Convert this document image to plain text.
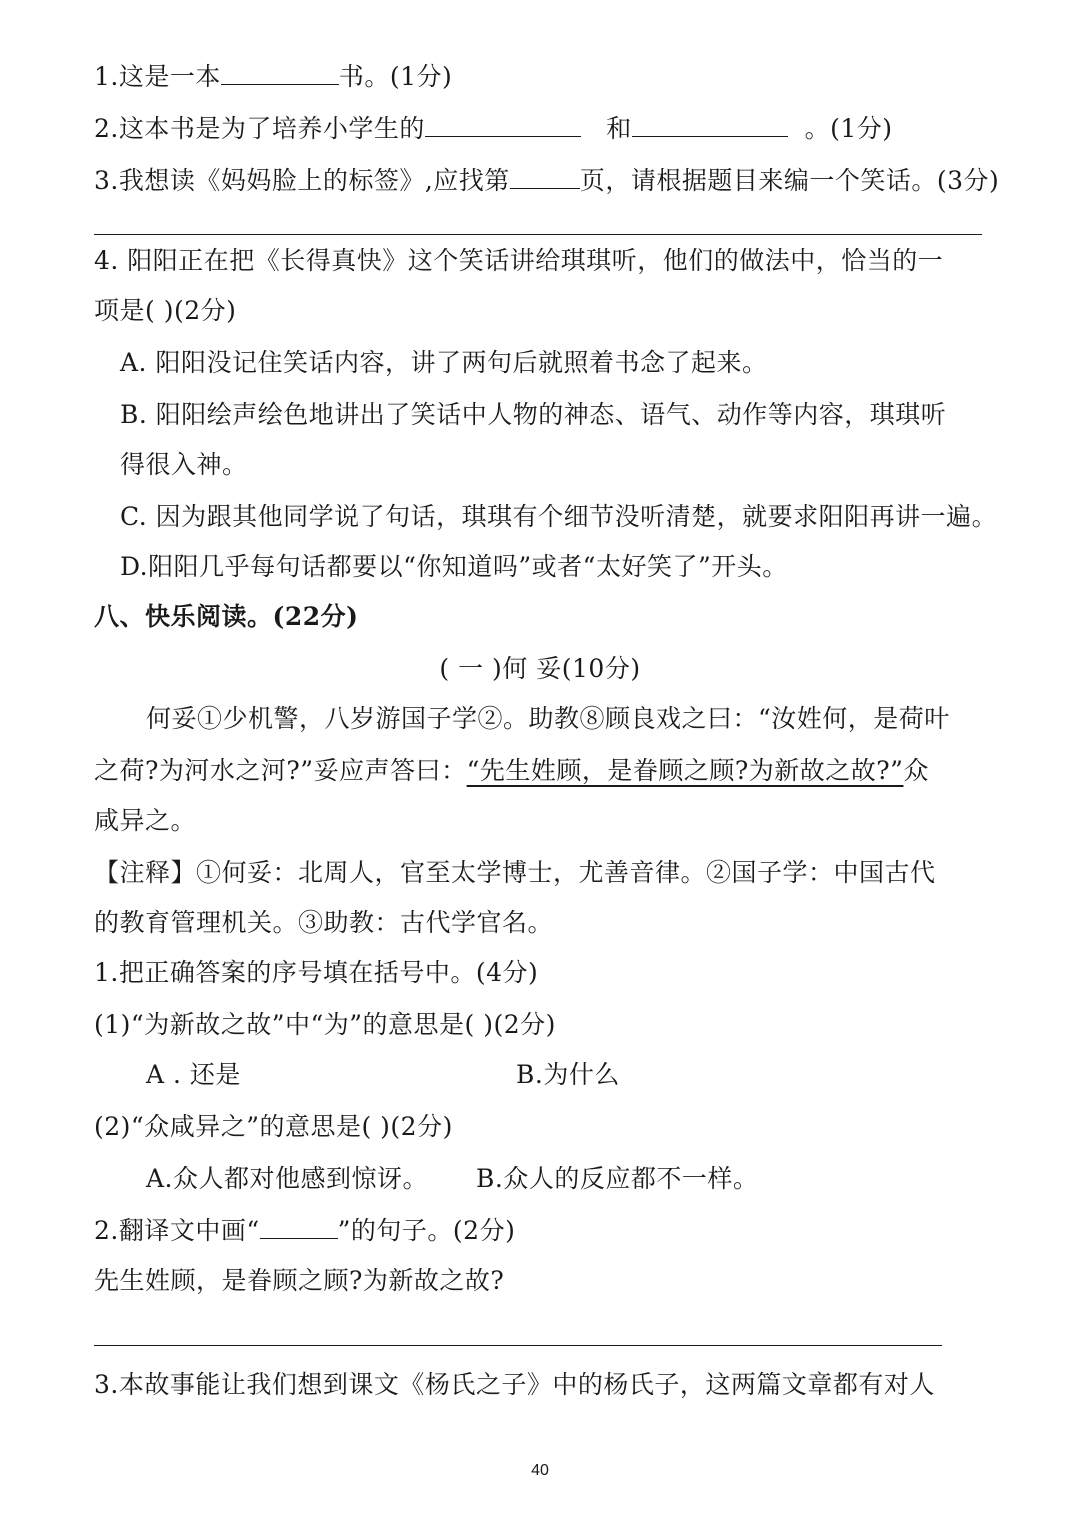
1.这是一本	书。(1分)
2.这本书是为了培养小学生的	和	。(1分)
3.我想读《妈妈脸上的标签》,应找第	页，请根据题目来编一个笑话。(3分)
4. 阳阳正在把《长得真快》这个笑话讲给琪琪听，他们的做法中，恰当的一
项是( )(2分)
A. 阳阳没记住笑话内容，讲了两句后就照着书念了起来。
B. 阳阳绘声绘色地讲出了笑话中人物的神态、语气、动作等内容，琪琪听
得很入神。
C. 因为跟其他同学说了句话，琪琪有个细节没听清楚，就要求阳阳再讲一遍。
D.阳阳几乎每句话都要以“你知道吗”或者“太好笑了”开头。
八、快乐阅读。(22分)
( 一 )何 妥(10分)
何妥①少机警，八岁游国子学②。助教⑧顾良戏之曰：“汝姓何，是荷叶
之荷?为河水之河?”妥应声答曰：“先生姓顾，是眷顾之顾?为新故之故?”众
咸异之。
【注释】①何妥：北周人，官至太学博士，尤善音律。②国子学：中国古代
的教育管理机关。③助教：古代学官名。
1.把正确答案的序号填在括号中。(4分)
(1)“为新故之故”中“为”的意思是( )(2分)
A . 还是	B.为什么
(2)“众咸异之”的意思是( )(2分)
A.众人都对他感到惊讶。 B.众人的反应都不一样。
2.翻译文中画“	”的句子。(2分)
先生姓顾，是眷顾之顾?为新故之故?
3.本故事能让我们想到课文《杨氏之子》中的杨氏子，这两篇文章都有对人
40
